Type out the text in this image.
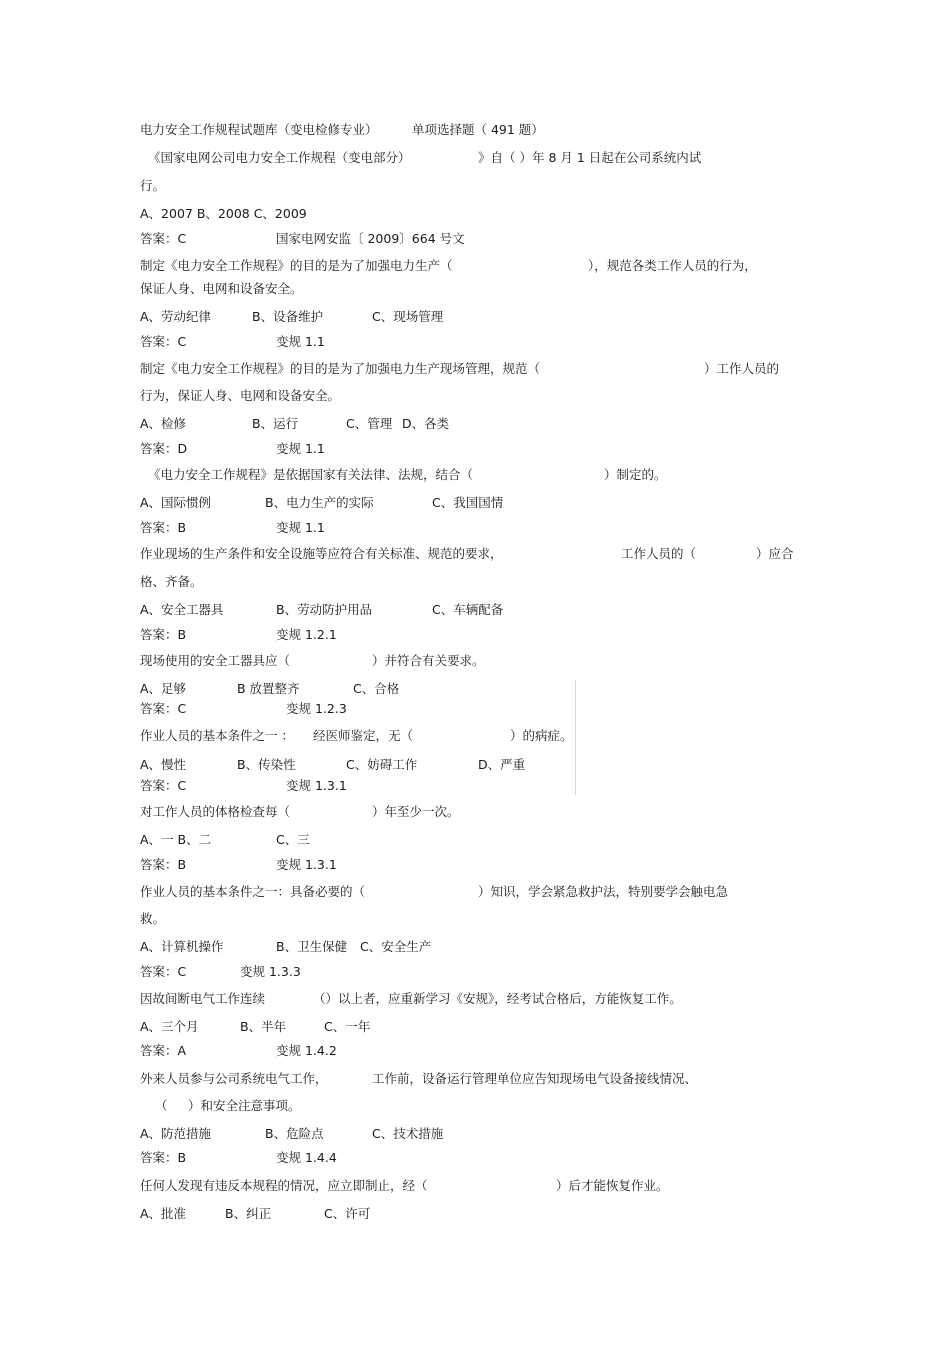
电力安全工作规程试题库（变电检修专业）	单项选择题（ 491 题）
《国家电网公司电力安全工作规程（变电部分）	》自（ ）年 8 月 1 日起在公司系统内试
行。
A、2007 B、2008 C、2009
答案：C	国家电网安监〔 2009〕664 号文
制定《电力安全工作规程》的目的是为了加强电力生产（	），规范各类工作人员的行为，
保证人身、电网和设备安全。
A、劳动纪律	B、设备维护	C、现场管理
答案：C	变规 1.1
制定《电力安全工作规程》的目的是为了加强电力生产现场管理，规范（	）工作人员的
行为，保证人身、电网和设备安全。
A、检修	B、运行	C、管理 D、各类
答案：D	变规 1.1
《电力安全工作规程》是依据国家有关法律、法规，结合（	）制定的。
A、国际惯例	B、电力生产的实际	C、我国国情
答案：B	变规 1.1
作业现场的生产条件和安全设施等应符合有关标准、规范的要求，	工作人员的（	）应合
格、齐备。
A、安全工器具	B、劳动防护用品	C、车辆配备
答案：B	变规 1.2.1
现场使用的安全工器具应（	）并符合有关要求。
A、足够	B 放置整齐	C、合格
答案：C	变规 1.2.3
作业人员的基本条件之一 ： 经医师鉴定，无（	）的病症。
A、慢性	B、传染性	C、妨碍工作	D、严重
答案：C	变规 1.3.1
对工作人员的体格检查每（	）年至少一次。
A、一 B、二	C、三
答案：B	变规 1.3.1
作业人员的基本条件之一：具备必要的（	）知识，学会紧急救护法，特别要学会触电急
救。
A、计算机操作	B、卫生保健 C、安全生产
答案：C	变规 1.3.3
因故间断电气工作连续	（）以上者，应重新学习《安规》，经考试合格后，方能恢复工作。
A、三个月	B、半年	C、一年
答案：A	变规 1.4.2
外来人员参与公司系统电气工作，	工作前，设备运行管理单位应告知现场电气设备接线情况、
（ ）和安全注意事项。
A、防范措施	B、危险点	C、技术措施
答案：B	变规 1.4.4
任何人发现有违反本规程的情况，应立即制止，经（	）后才能恢复作业。
A、批准	B、纠正	C、许可
